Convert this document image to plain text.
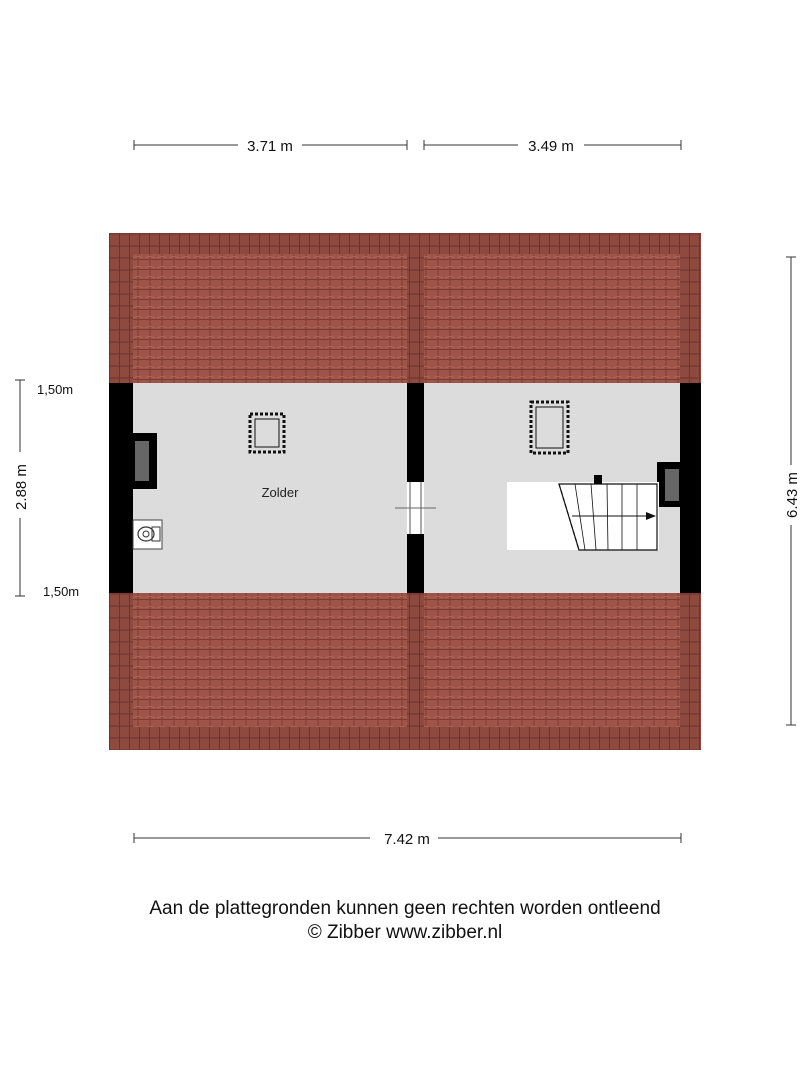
3.71 m	3.49 m
6.43 m
2.88 m
1,50m
1,50m
Zolder
7.42 m
Aan de plattegronden kunnen geen rechten worden ontleend
© Zibber www.zibber.nl
